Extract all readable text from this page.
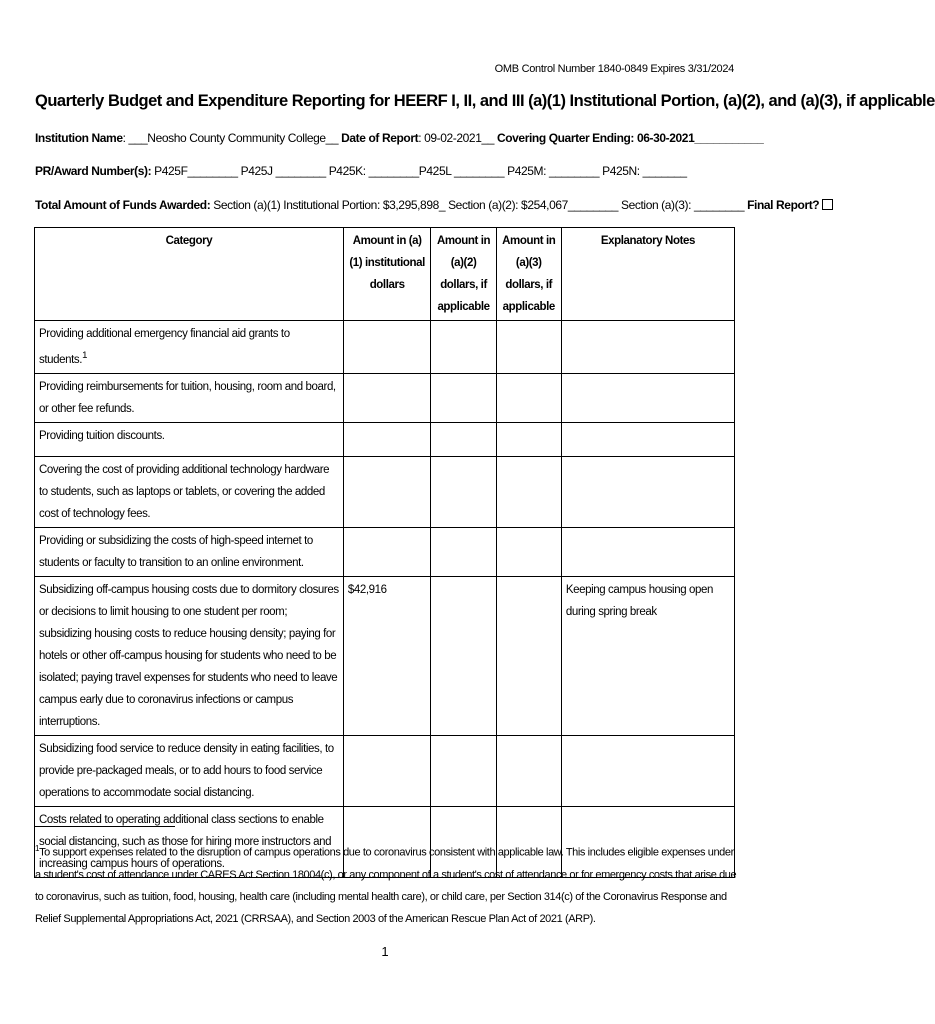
OMB Control Number 1840-0849 Expires 3/31/2024
Quarterly Budget and Expenditure Reporting for HEERF I, II, and III (a)(1) Institutional Portion, (a)(2), and (a)(3), if applicable
Institution Name: ___Neosho County Community College__ Date of Report: 09-02-2021__ Covering Quarter Ending: 06-30-2021___________
PR/Award Number(s): P425F________ P425J ________ P425K: ________P425L ________ P425M: ________ P425N: _______
Total Amount of Funds Awarded: Section (a)(1) Institutional Portion: $3,295,898_ Section (a)(2): $254,067________ Section (a)(3): ________ Final Report?
Category	Amount in (a)(1) institutional dollars	Amount in (a)(2) dollars, if applicable	Amount in (a)(3) dollars, if applicable	Explanatory Notes
Providing additional emergency financial aid grants to students.$^1$				
Providing reimbursements for tuition, housing, room and board, or other fee refunds.				
Providing tuition discounts.				
Covering the cost of providing additional technology hardware to students, such as laptops or tablets, or covering the added cost of technology fees.				
Providing or subsidizing the costs of high-speed internet to students or faculty to transition to an online environment.				
Subsidizing off-campus housing costs due to dormitory closures or decisions to limit housing to one student per room; subsidizing housing costs to reduce housing density; paying for hotels or other off-campus housing for students who need to be isolated; paying travel expenses for students who need to leave campus early due to coronavirus infections or campus interruptions.	$42,916			Keeping campus housing open during spring break
Subsidizing food service to reduce density in eating facilities, to provide pre-packaged meals, or to add hours to food service operations to accommodate social distancing.				
Costs related to operating additional class sections to enable social distancing, such as those for hiring more instructors and increasing campus hours of operations.				
$^1$To support expenses related to the disruption of campus operations due to coronavirus consistent with applicable law. This includes eligible expenses under a student's cost of attendance under CARES Act Section 18004(c), or any component of a student's cost of attendance or for emergency costs that arise due to coronavirus, such as tuition, food, housing, health care (including mental health care), or child care, per Section 314(c) of the Coronavirus Response and Relief Supplemental Appropriations Act, 2021 (CRRSAA), and Section 2003 of the American Rescue Plan Act of 2021 (ARP).
1
